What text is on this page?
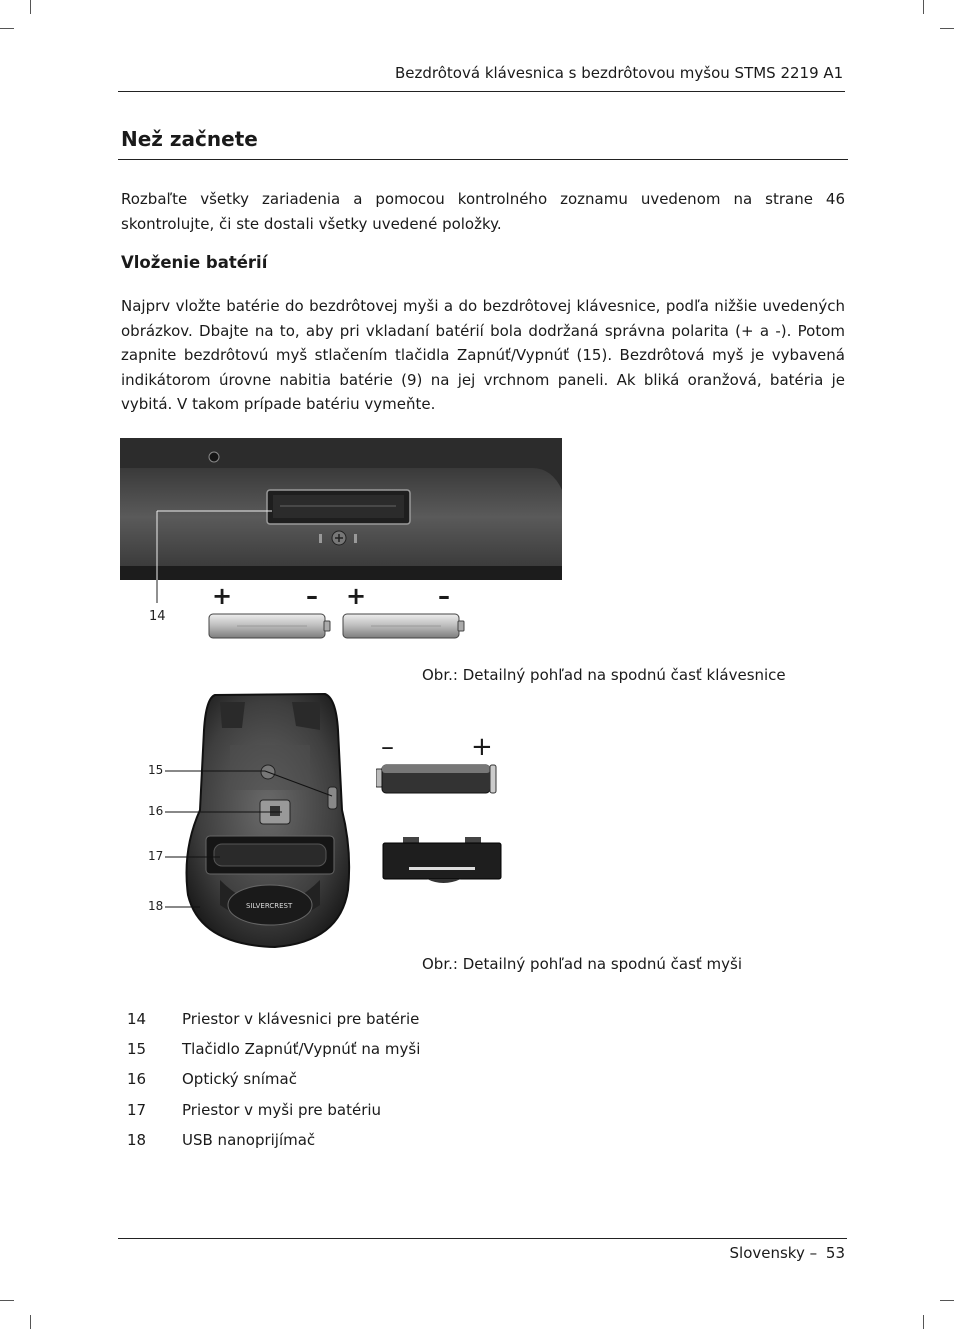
Bezdrôtová klávesnica s bezdrôtovou myšou STMS 2219 A1
Než začnete
Rozbaľte všetky zariadenia a pomocou kontrolného zoznamu uvedenom na strane 46 skontrolujte, či ste dostali všetky uvedené položky.
Vloženie batérií
Najprv vložte batérie do bezdrôtovej myši a do bezdrôtovej klávesnice, podľa nižšie uvedených obrázkov. Dbajte na to, aby pri vkladaní batérií bola dodržaná správna polarita (+ a -). Potom zapnite bezdrôtovú myš stlačením tlačidla Zapnúť/Vypnúť (15). Bezdrôtová myš je vybavená indikátorom úrovne nabitia batérie (9) na jej vrchnom paneli. Ak bliká oranžová, batéria je vybitá. V takom prípade batériu vymeňte.
14
+	– +	–
Obr.: Detailný pohľad na spodnú časť klávesnice
SILVERCREST
15
16
17
18
–	+
Obr.: Detailný pohľad na spodnú časť myši
14 Priestor v klávesnici pre batérie
15 Tlačidlo Zapnúť/Vypnúť na myši
16 Optický snímač
17 Priestor v myši pre batériu
18 USB nanoprijímač
Slovensky – 53
